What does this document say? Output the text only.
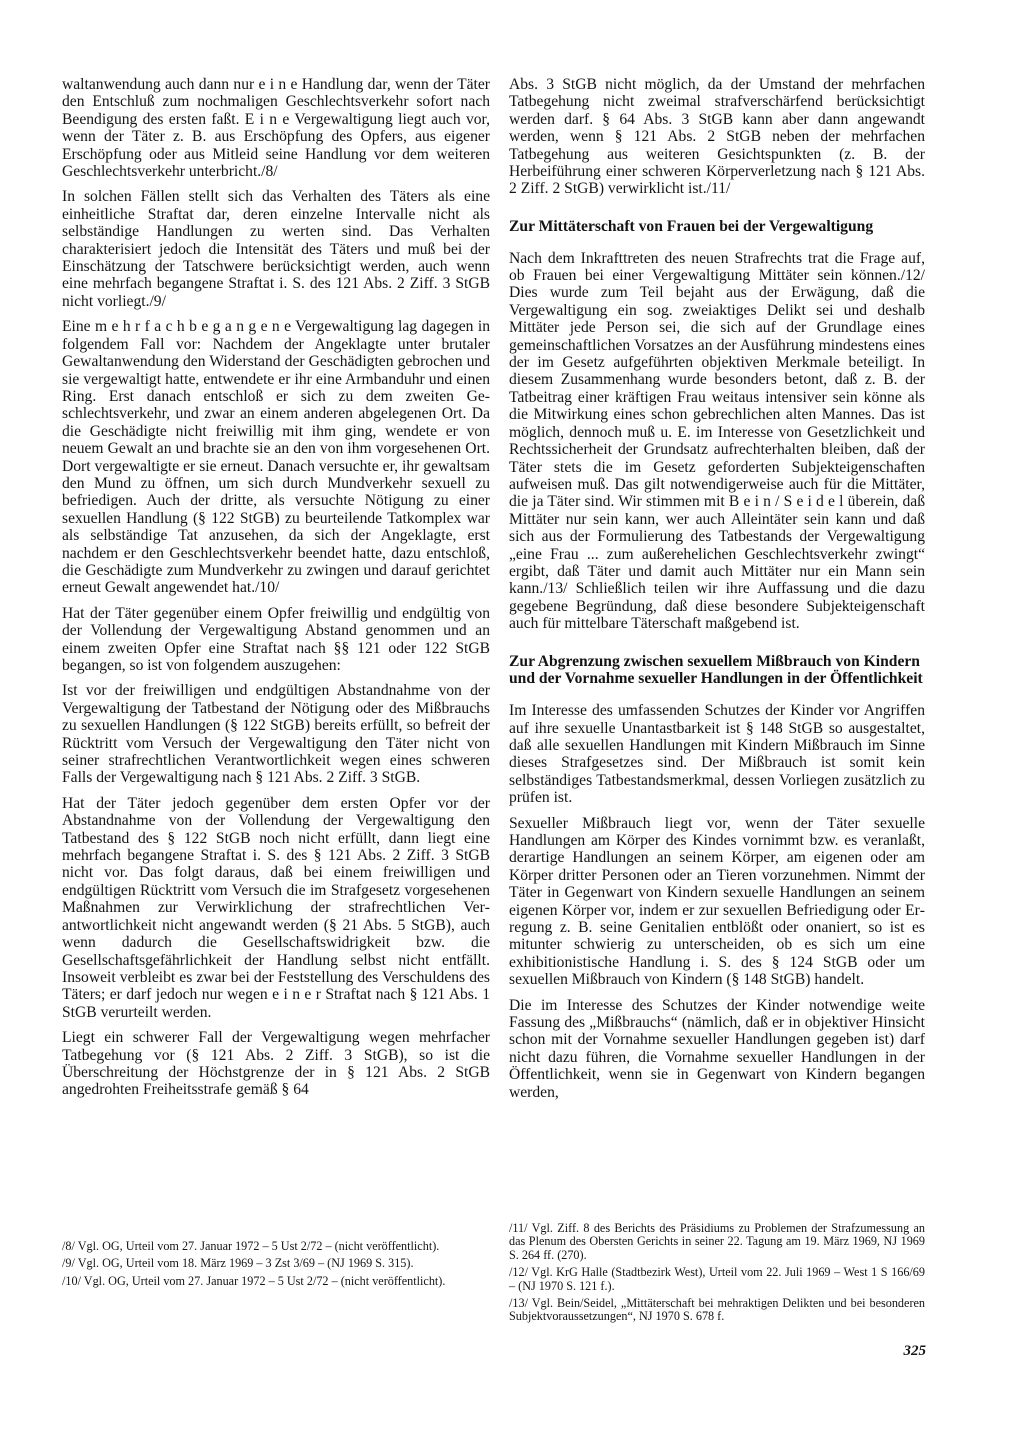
waltanwendung auch dann nur e i n e Handlung dar, wenn der Täter den Entschluß zum nochmaligen Geschlechtsverkehr sofort nach Beendigung des ersten faßt. E i n e Vergewaltigung liegt auch vor, wenn der Täter z. B. aus Erschöpfung des Opfers, aus eigener Erschöpfung oder aus Mitleid seine Handlung vor dem weiteren Geschlechtsverkehr unterbricht./8/

In solchen Fällen stellt sich das Verhalten des Täters als eine einheitliche Straftat dar, deren einzelne Intervalle nicht als selbständige Handlungen zu werten sind. Das Verhalten charakterisiert jedoch die Intensität des Täters und muß bei der Einschätzung der Tatschwere berücksichtigt werden, auch wenn eine mehrfach begangene Straftat i. S. des 121 Abs. 2 Ziff. 3 StGB nicht vorliegt./9/

Eine m e h r f a c h b e g a n g e n e Vergewaltigung lag dagegen in folgendem Fall vor: Nachdem der Angeklagte unter brutaler Gewaltanwendung den Widerstand der Geschädigten gebrochen und sie vergewaltigt hatte, entwendete er ihr eine Armbanduhr und einen Ring. Erst danach entschloß er sich zu dem zweiten Geschlechtsverkehr, und zwar an einem anderen abgelegenen Ort. Da die Geschädigte nicht freiwillig mit ihm ging, wendete er von neuem Gewalt an und brachte sie an den von ihm vorgesehenen Ort. Dort vergewaltigte er sie erneut. Danach versuchte er, ihr gewaltsam den Mund zu öffnen, um sich durch Mundverkehr sexuell zu befriedigen. Auch der dritte, als versuchte Nötigung zu einer sexuellen Handlung (§ 122 StGB) zu beurteilende Tatkomplex war als selbständige Tat anzusehen, da sich der Angeklagte, erst nachdem er den Geschlechtsverkehr beendet hatte, dazu entschloß, die Geschädigte zum Mundverkehr zu zwingen und darauf gerichtet erneut Gewalt angewendet hat./10/

Hat der Täter gegenüber einem Opfer freiwillig und endgültig von der Vollendung der Vergewaltigung Abstand genommen und an einem zweiten Opfer eine Straftat nach §§ 121 oder 122 StGB begangen, so ist von folgendem auszugehen:

Ist vor der freiwilligen und endgültigen Abstandnahme von der Vergewaltigung der Tatbestand der Nötigung oder des Mißbrauchs zu sexuellen Handlungen (§ 122 StGB) bereits erfüllt, so befreit der Rücktritt vom Versuch der Vergewaltigung den Täter nicht von seiner strafrechtlichen Verantwortlichkeit wegen eines schweren Falls der Vergewaltigung nach § 121 Abs. 2 Ziff. 3 StGB.

Hat der Täter jedoch gegenüber dem ersten Opfer vor der Abstandnahme von der Vollendung der Vergewaltigung den Tatbestand des § 122 StGB noch nicht erfüllt, dann liegt eine mehrfach begangene Straftat i. S. des § 121 Abs. 2 Ziff. 3 StGB nicht vor. Das folgt daraus, daß bei einem freiwilligen und endgültigen Rücktritt vom Versuch die im Strafgesetz vorgesehenen Maßnahmen zur Verwirklichung der strafrechtlichen Verantwortlichkeit nicht angewandt werden (§ 21 Abs. 5 StGB), auch wenn dadurch die Gesellschaftswidrigkeit bzw. die Gesellschaftsgefährlichkeit der Handlung selbst nicht entfällt. Insoweit verbleibt es zwar bei der Feststellung des Verschuldens des Täters; er darf jedoch nur wegen e i n e r Straftat nach § 121 Abs. 1 StGB verurteilt werden.

Liegt ein schwerer Fall der Vergewaltigung wegen mehrfacher Tatbegehung vor (§ 121 Abs. 2 Ziff. 3 StGB), so ist die Überschreitung der Höchstgrenze der in § 121 Abs. 2 StGB angedrohten Freiheitsstrafe gemäß § 64

/8/ Vgl. OG, Urteil vom 27. Januar 1972 – 5 Ust 2/72 – (nicht veröffentlicht).

/9/ Vgl. OG, Urteil vom 18. März 1969 – 3 Zst 3/69 – (NJ 1969 S. 315).

/10/ Vgl. OG, Urteil vom 27. Januar 1972 – 5 Ust 2/72 – (nicht veröffentlicht).

Abs. 3 StGB nicht möglich, da der Umstand der mehrfachen Tatbegehung nicht zweimal strafverschärfend berücksichtigt werden darf. § 64 Abs. 3 StGB kann aber dann angewandt werden, wenn § 121 Abs. 2 StGB neben der mehrfachen Tatbegehung aus weiteren Gesichtspunkten (z. B. der Herbeiführung einer schweren Körperverletzung nach § 121 Abs. 2 Ziff. 2 StGB) verwirklicht ist./11/

Zur Mittäterschaft von Frauen bei der Vergewaltigung

Nach dem Inkrafttreten des neuen Strafrechts trat die Frage auf, ob Frauen bei einer Vergewaltigung Mittäter sein können./12/ Dies wurde zum Teil bejaht aus der Erwägung, daß die Vergewaltigung ein sog. zweiaktiges Delikt sei und deshalb Mittäter jede Person sei, die sich auf der Grundlage eines gemeinschaftlichen Vorsatzes an der Ausführung mindestens eines der im Gesetz aufgeführten objektiven Merkmale beteiligt. In diesem Zusammenhang wurde besonders betont, daß z. B. der Tatbeitrag einer kräftigen Frau weitaus intensiver sein könne als die Mitwirkung eines schon gebrechlichen alten Mannes. Das ist möglich, dennoch muß u. E. im Interesse von Gesetzlichkeit und Rechtssicherheit der Grundsatz aufrechterhalten bleiben, daß der Täter stets die im Gesetz geforderten Subjekteigenschaften aufweisen muß. Das gilt notwendigerweise auch für die Mittäter, die ja Täter sind. Wir stimmen mit B e i n / S e i d e l überein, daß Mittäter nur sein kann, wer auch Alleintäter sein kann und daß sich aus der Formulierung des Tatbestands der Vergewaltigung „eine Frau ... zum außerehelichen Geschlechtsverkehr zwingt“ ergibt, daß Täter und damit auch Mittäter nur ein Mann sein kann./13/ Schließlich teilen wir ihre Auffassung und die dazu gegebene Begründung, daß diese besondere Subjekteigenschaft auch für mittelbare Täterschaft maßgebend ist.

Zur Abgrenzung zwischen sexuellem Mißbrauch von Kindern und der Vornahme sexueller Handlungen in der Öffentlichkeit

Im Interesse des umfassenden Schutzes der Kinder vor Angriffen auf ihre sexuelle Unantastbarkeit ist § 148 StGB so ausgestaltet, daß alle sexuellen Handlungen mit Kindern Mißbrauch im Sinne dieses Strafgesetzes sind. Der Mißbrauch ist somit kein selbständiges Tatbestandsmerkmal, dessen Vorliegen zusätzlich zu prüfen ist.

Sexueller Mißbrauch liegt vor, wenn der Täter sexuelle Handlungen am Körper des Kindes vornimmt bzw. es veranlaßt, derartige Handlungen an seinem Körper, am eigenen oder am Körper dritter Personen oder an Tieren vorzunehmen. Nimmt der Täter in Gegenwart von Kindern sexuelle Handlungen an seinem eigenen Körper vor, indem er zur sexuellen Befriedigung oder Erregung z. B. seine Genitalien entblößt oder onaniert, so ist es mitunter schwierig zu unterscheiden, ob es sich um eine exhibitionistische Handlung i. S. des § 124 StGB oder um sexuellen Mißbrauch von Kindern (§ 148 StGB) handelt.

Die im Interesse des Schutzes der Kinder notwendige weite Fassung des „Mißbrauchs“ (nämlich, daß er in objektiver Hinsicht schon mit der Vornahme sexueller Handlungen gegeben ist) darf nicht dazu führen, die Vornahme sexueller Handlungen in der Öffentlichkeit, wenn sie in Gegenwart von Kindern begangen werden,

/11/ Vgl. Ziff. 8 des Berichts des Präsidiums zu Problemen der Strafzumessung an das Plenum des Obersten Gerichts in seiner 22. Tagung am 19. März 1969, NJ 1969 S. 264 ff. (270).

/12/ Vgl. KrG Halle (Stadtbezirk West), Urteil vom 22. Juli 1969 – West 1 S 166/69 – (NJ 1970 S. 121 f.).

/13/ Vgl. Bein/Seidel, „Mittäterschaft bei mehraktigen Delikten und bei besonderen Subjektvoraussetzungen“, NJ 1970 S. 678 f.

325
